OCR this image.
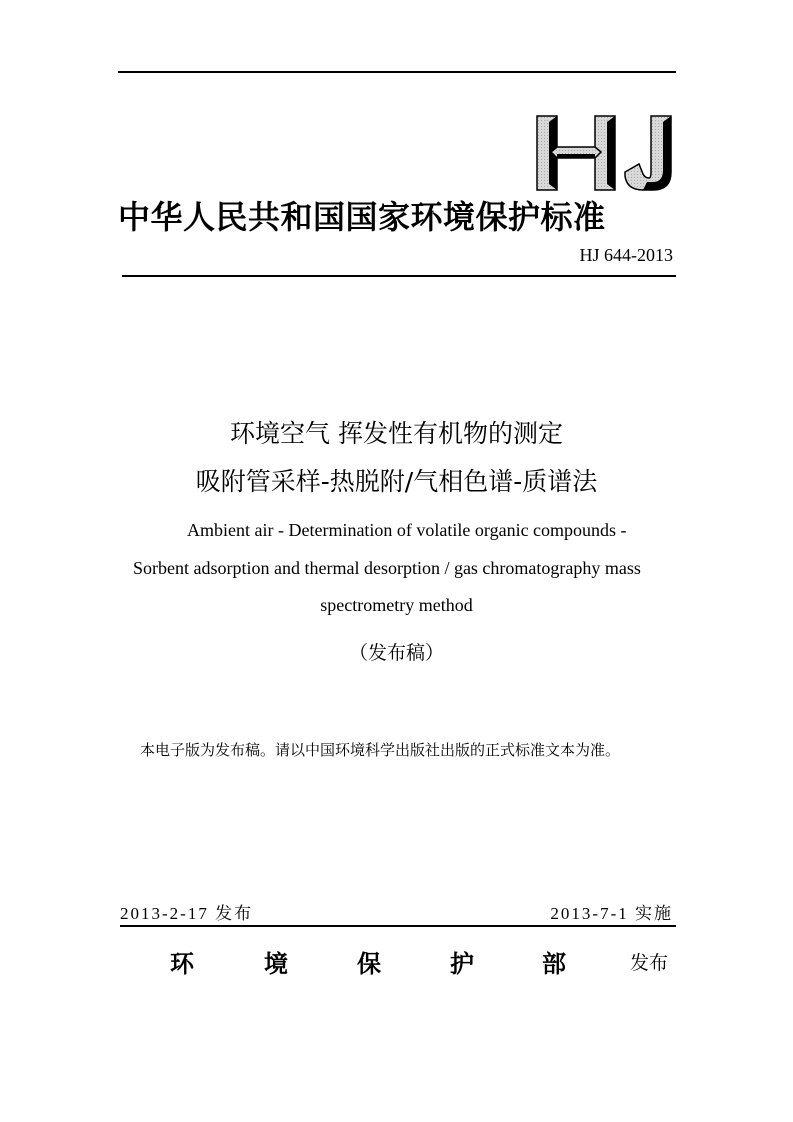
中华人民共和国国家环境保护标准
HJ 644-2013
环境空气 挥发性有机物的测定
吸附管采样-热脱附/气相色谱-质谱法
Ambient air - Determination of volatile organic compounds -
Sorbent adsorption and thermal desorption / gas chromatography mass
spectrometry method
（发布稿）
本电子版为发布稿。请以中国环境科学出版社出版的正式标准文本为准。
2013-2-17 发布	2013-7-1 实施
环	境	保	护	部	发布
